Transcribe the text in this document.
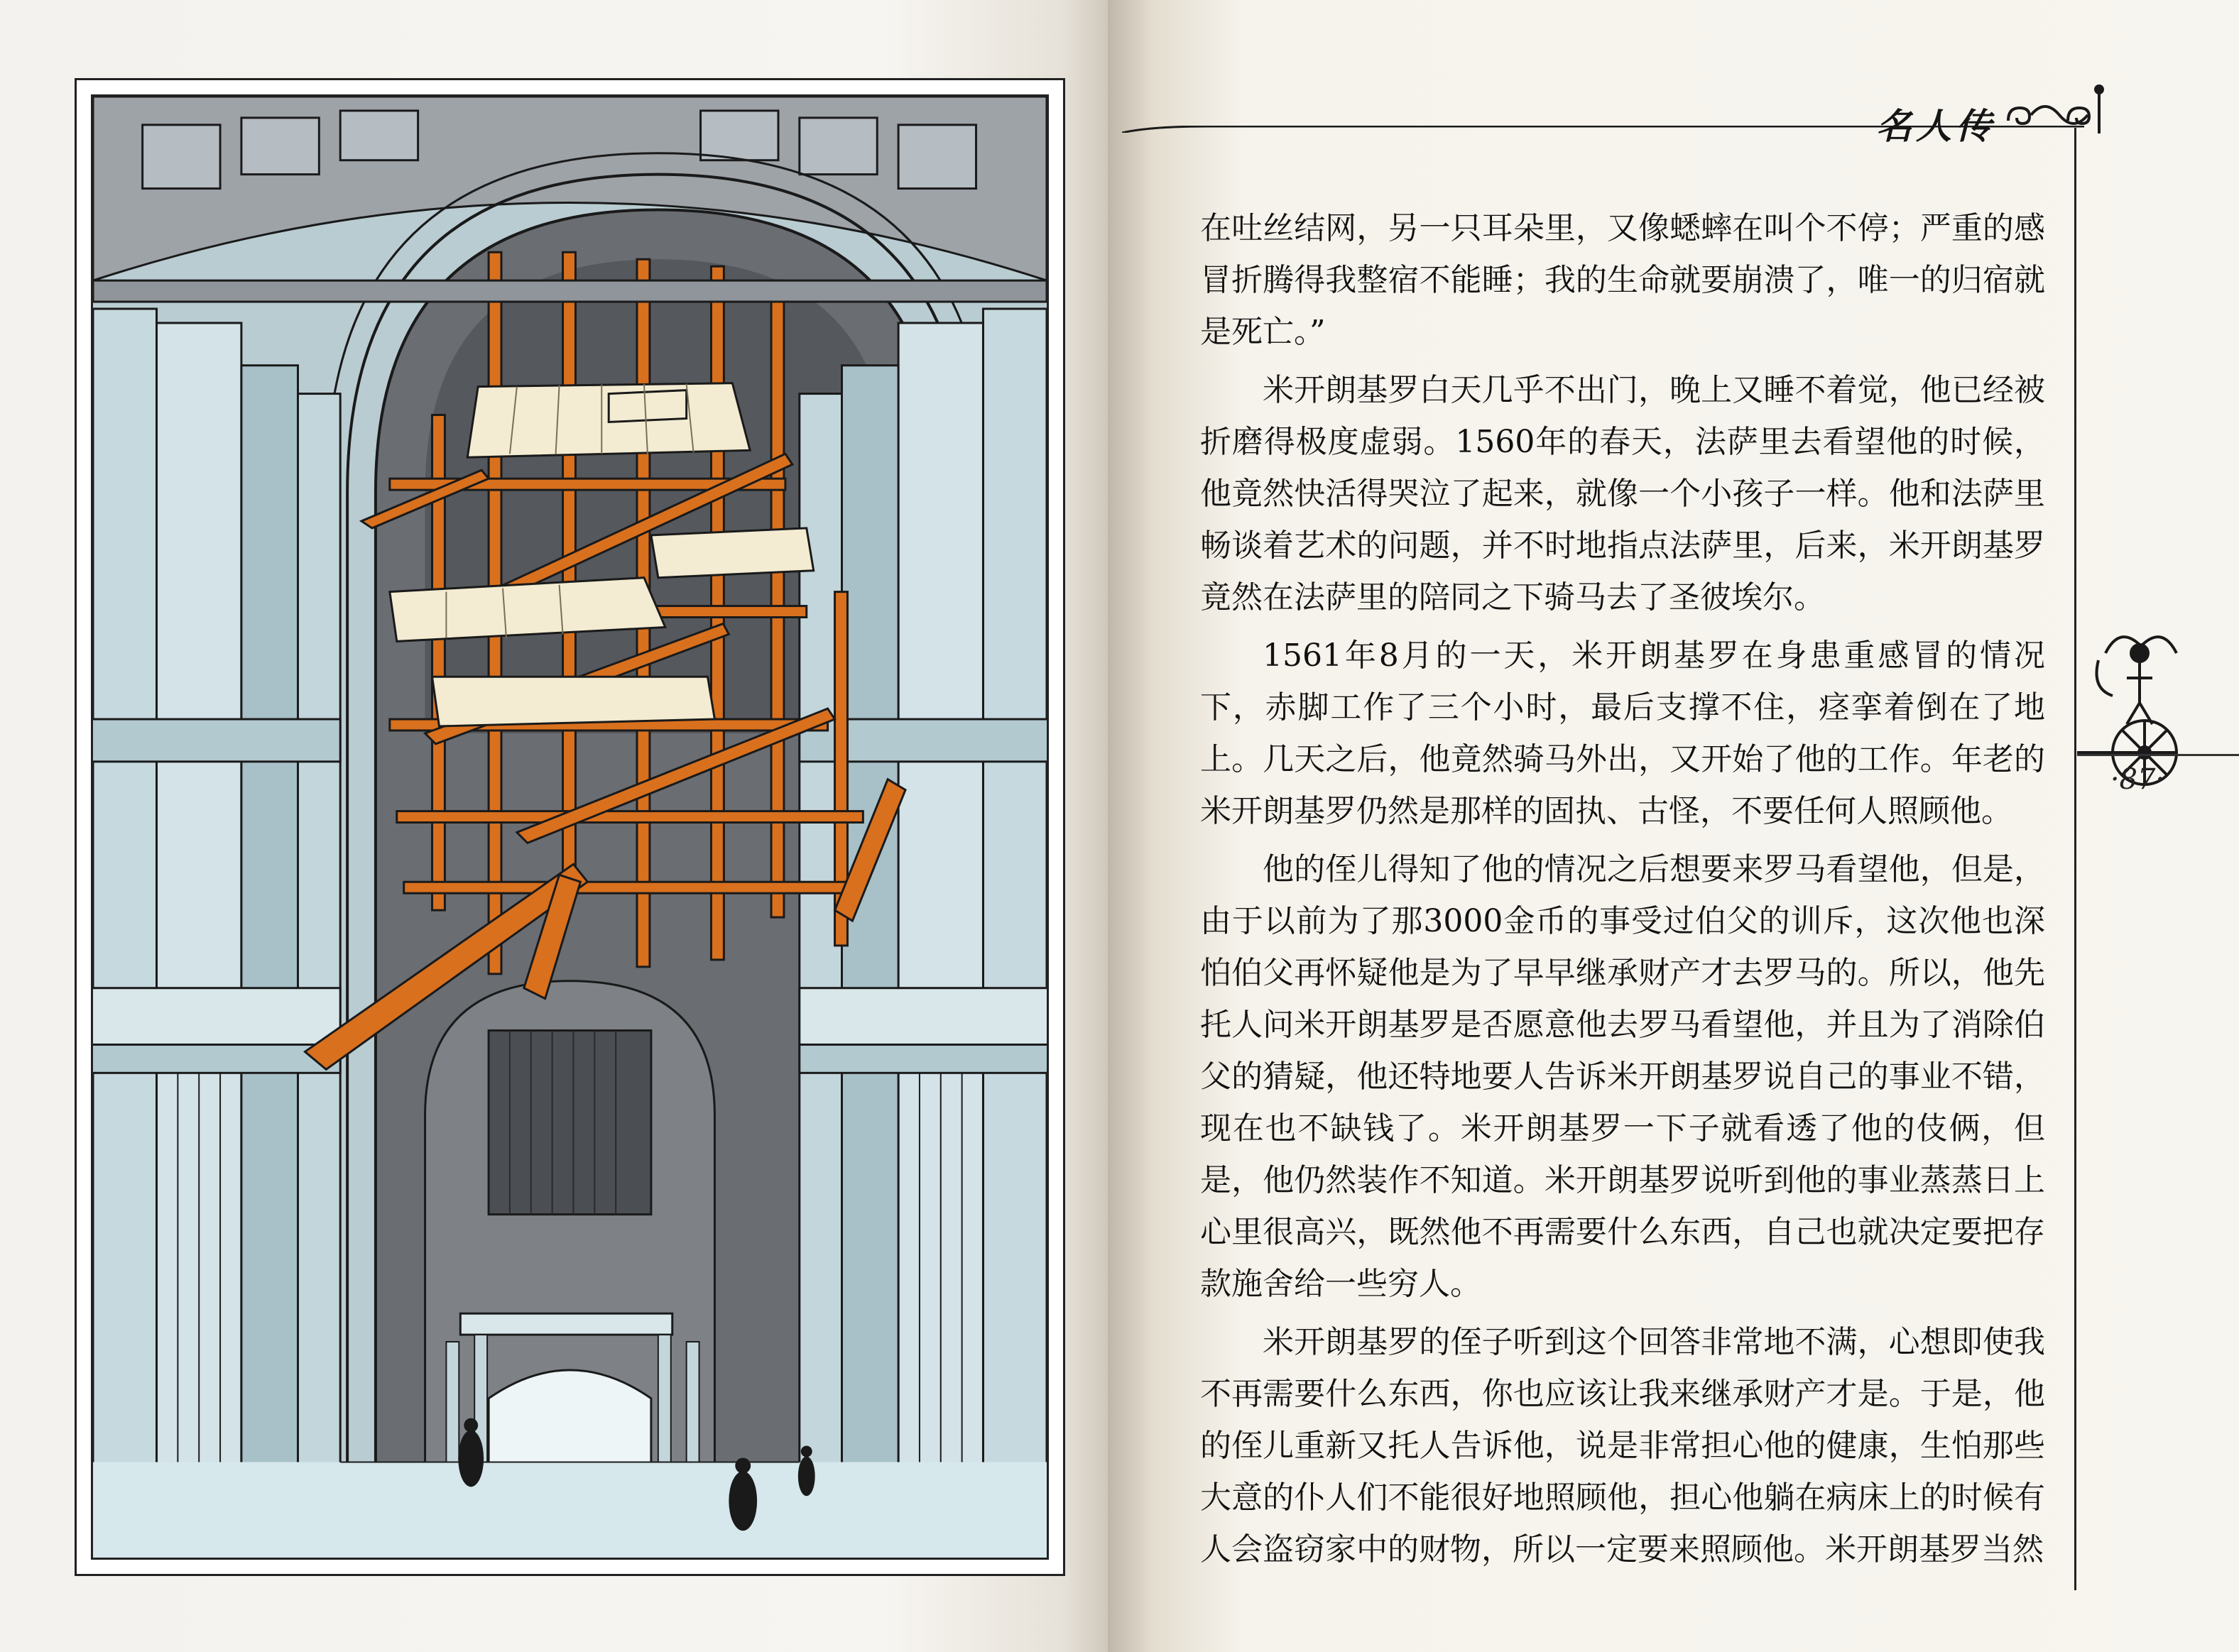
名人传

在吐丝结网，另一只耳朵里，又像蟋蟀在叫个不停；严重的感冒折腾得我整宿不能睡；我的生命就要崩溃了，唯一的归宿就是死亡。”

米开朗基罗白天几乎不出门，晚上又睡不着觉，他已经被折磨得极度虚弱。1560年的春天，法萨里去看望他的时候，他竟然快活得哭泣了起来，就像一个小孩子一样。他和法萨里畅谈着艺术的问题，并不时地指点法萨里，后来，米开朗基罗竟然在法萨里的陪同之下骑马去了圣彼埃尔。

1561年8月的一天，米开朗基罗在身患重感冒的情况下，赤脚工作了三个小时，最后支撑不住，痉挛着倒在了地上。几天之后，他竟然骑马外出，又开始了他的工作。年老的米开朗基罗仍然是那样的固执、古怪，不要任何人照顾他。

他的侄儿得知了他的情况之后想要来罗马看望他，但是，由于以前为了那3000金币的事受过伯父的训斥，这次他也深怕伯父再怀疑他是为了早早继承财产才去罗马的。所以，他先托人问米开朗基罗是否愿意他去罗马看望他，并且为了消除伯父的猜疑，他还特地要人告诉米开朗基罗说自己的事业不错，现在也不缺钱了。米开朗基罗一下子就看透了他的伎俩，但是，他仍然装作不知道。米开朗基罗说听到他的事业蒸蒸日上心里很高兴，既然他不再需要什么东西，自己也就决定要把存款施舍给一些穷人。

米开朗基罗的侄子听到这个回答非常地不满，心想即使我不再需要什么东西，你也应该让我来继承财产才是。于是，他的侄儿重新又托人告诉他，说是非常担心他的健康，生怕那些大意的仆人们不能很好地照顾他，担心他躺在病床上的时候有人会盗窃家中的财物，所以一定要来照顾他。米开朗基罗当然

·87·
